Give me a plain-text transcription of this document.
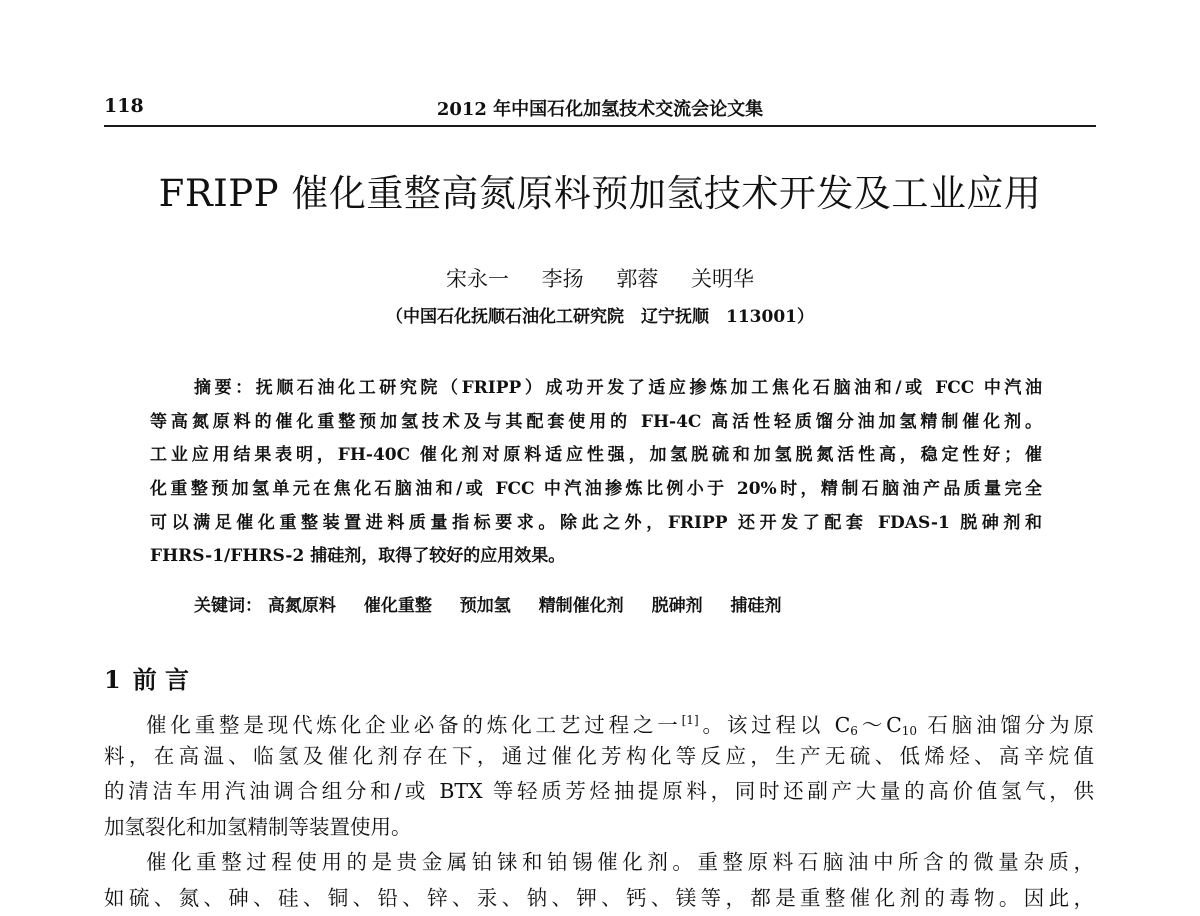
118	2012 年中国石化加氢技术交流会论文集
FRIPP 催化重整高氮原料预加氢技术开发及工业应用
宋永一 李扬 郭蓉 关明华
（中国石化抚顺石油化工研究院　辽宁抚顺　113001）
摘要：抚顺石油化工研究院（FRIPP）成功开发了适应掺炼加工焦化石脑油和/或 FCC 中汽油
等高氮原料的催化重整预加氢技术及与其配套使用的 FH-4C 高活性轻质馏分油加氢精制催化剂。
工业应用结果表明，FH-40C 催化剂对原料适应性强，加氢脱硫和加氢脱氮活性高，稳定性好；催
化重整预加氢单元在焦化石脑油和/或 FCC 中汽油掺炼比例小于 20%时，精制石脑油产品质量完全
可以满足催化重整装置进料质量指标要求。除此之外，FRIPP 还开发了配套 FDAS-1 脱砷剂和
FHRS-1/FHRS-2 捕硅剂，取得了较好的应用效果。
关键词： 高氮原料 催化重整 预加氢 精制催化剂 脱砷剂 捕硅剂
1 前 言
催化重整是现代炼化企业必备的炼化工艺过程之一[1]。该过程以 $C_6\sim C_{10}$ 石脑油馏分为原
料，在高温、临氢及催化剂存在下，通过催化芳构化等反应，生产无硫、低烯烃、高辛烷值
的清洁车用汽油调合组分和/或 BTX 等轻质芳烃抽提原料，同时还副产大量的高价值氢气，供
加氢裂化和加氢精制等装置使用。
催化重整过程使用的是贵金属铂铼和铂锡催化剂。重整原料石脑油中所含的微量杂质，
如硫、氮、砷、硅、铜、铅、锌、汞、钠、钾、钙、镁等，都是重整催化剂的毒物。因此，
